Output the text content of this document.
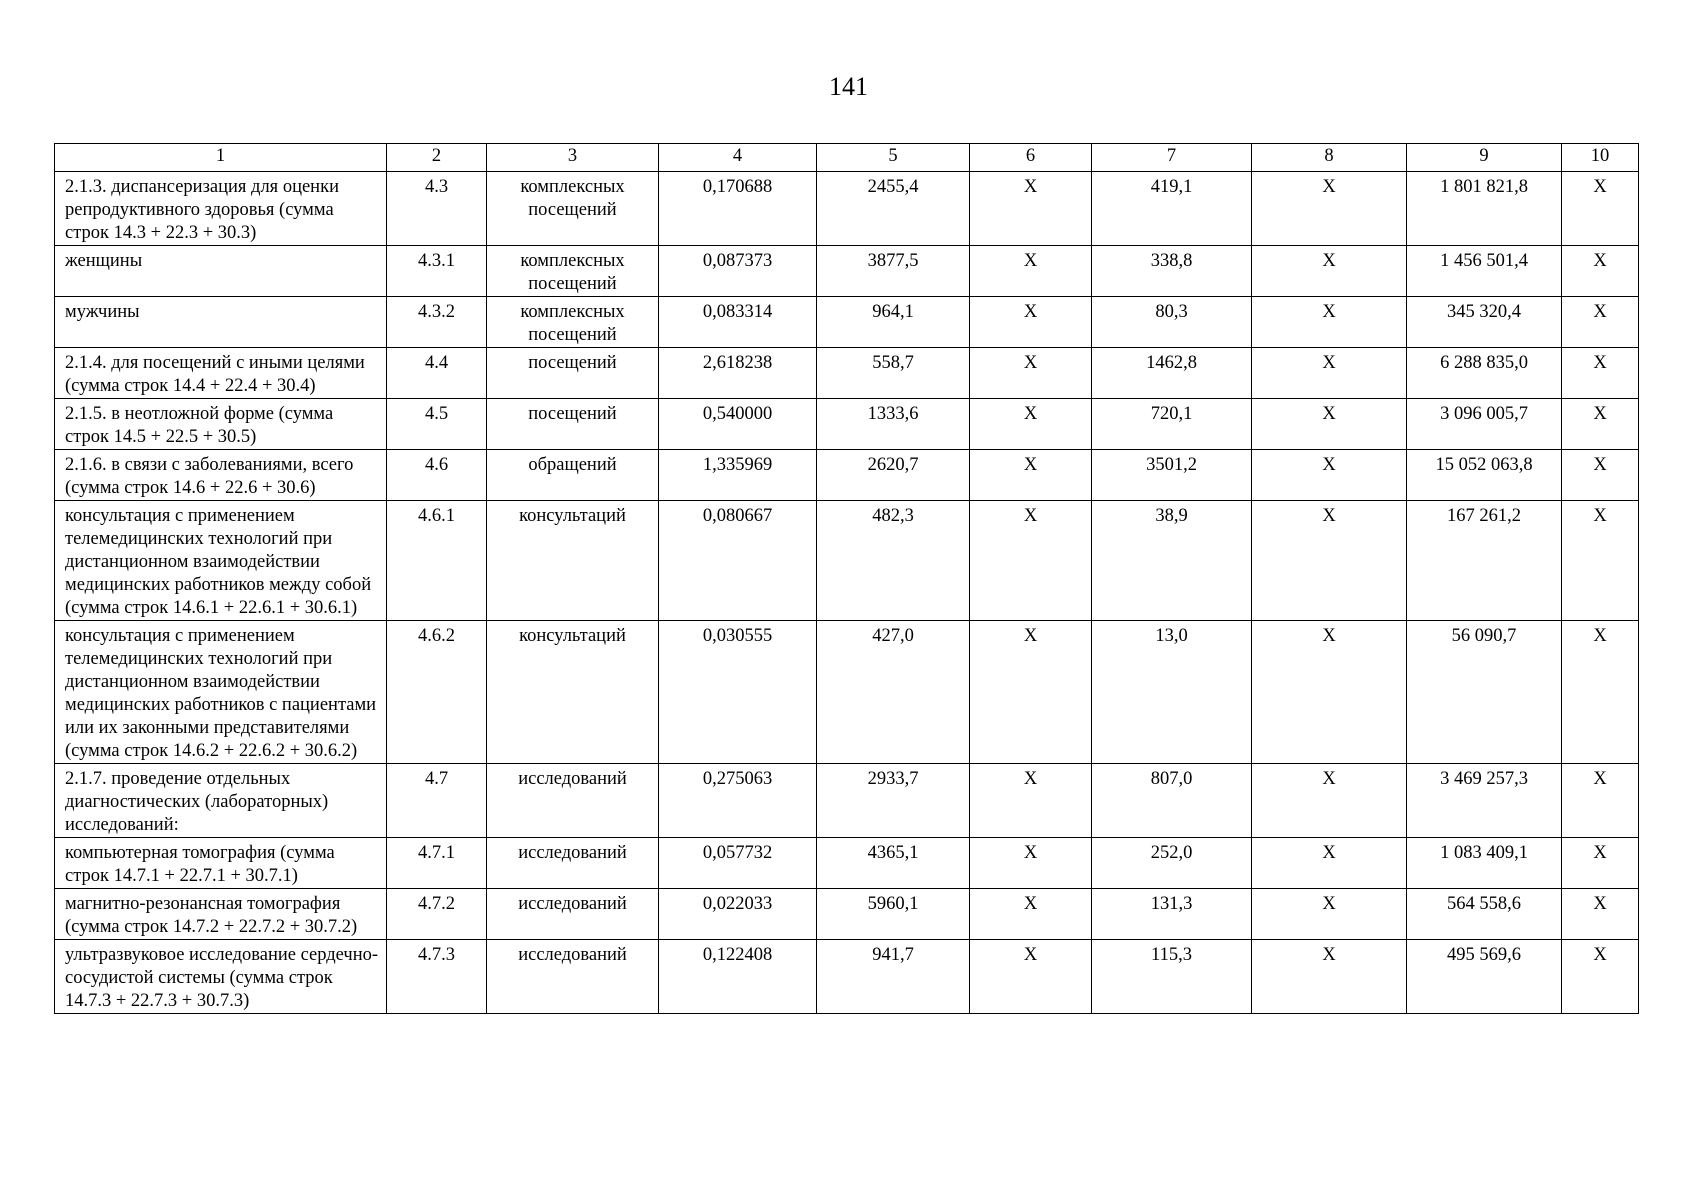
141
1	2	3	4	5	6	7	8	9	10
2.1.3. диспансеризация для оценки репродуктивного здоровья (сумма строк 14.3 + 22.3 + 30.3)	4.3	комплексных посещений	0,170688	2455,4	Х	419,1	Х	1 801 821,8	Х
женщины	4.3.1	комплексных посещений	0,087373	3877,5	Х	338,8	Х	1 456 501,4	Х
мужчины	4.3.2	комплексных посещений	0,083314	964,1	Х	80,3	Х	345 320,4	Х
2.1.4. для посещений с иными целями (сумма строк 14.4 + 22.4 + 30.4)	4.4	посещений	2,618238	558,7	Х	1462,8	Х	6 288 835,0	Х
2.1.5. в неотложной форме (сумма строк 14.5 + 22.5 + 30.5)	4.5	посещений	0,540000	1333,6	Х	720,1	Х	3 096 005,7	Х
2.1.6. в связи с заболеваниями, всего (сумма строк 14.6 + 22.6 + 30.6)	4.6	обращений	1,335969	2620,7	Х	3501,2	Х	15 052 063,8	Х
консультация с применением телемедицинских технологий при дистанционном взаимодействии медицинских работников между собой (сумма строк 14.6.1 + 22.6.1 + 30.6.1)	4.6.1	консультаций	0,080667	482,3	Х	38,9	Х	167 261,2	Х
консультация с применением телемедицинских технологий при дистанционном взаимодействии медицинских работников с пациентами или их законными представителями (сумма строк 14.6.2 + 22.6.2 + 30.6.2)	4.6.2	консультаций	0,030555	427,0	Х	13,0	Х	56 090,7	Х
2.1.7. проведение отдельных диагностических (лабораторных) исследований:	4.7	исследований	0,275063	2933,7	Х	807,0	Х	3 469 257,3	Х
компьютерная томография (сумма строк 14.7.1 + 22.7.1 + 30.7.1)	4.7.1	исследований	0,057732	4365,1	Х	252,0	Х	1 083 409,1	Х
магнитно-резонансная томография (сумма строк 14.7.2 + 22.7.2 + 30.7.2)	4.7.2	исследований	0,022033	5960,1	Х	131,3	Х	564 558,6	Х
ультразвуковое исследование сердечно-сосудистой системы (сумма строк 14.7.3 + 22.7.3 + 30.7.3)	4.7.3	исследований	0,122408	941,7	Х	115,3	Х	495 569,6	Х
